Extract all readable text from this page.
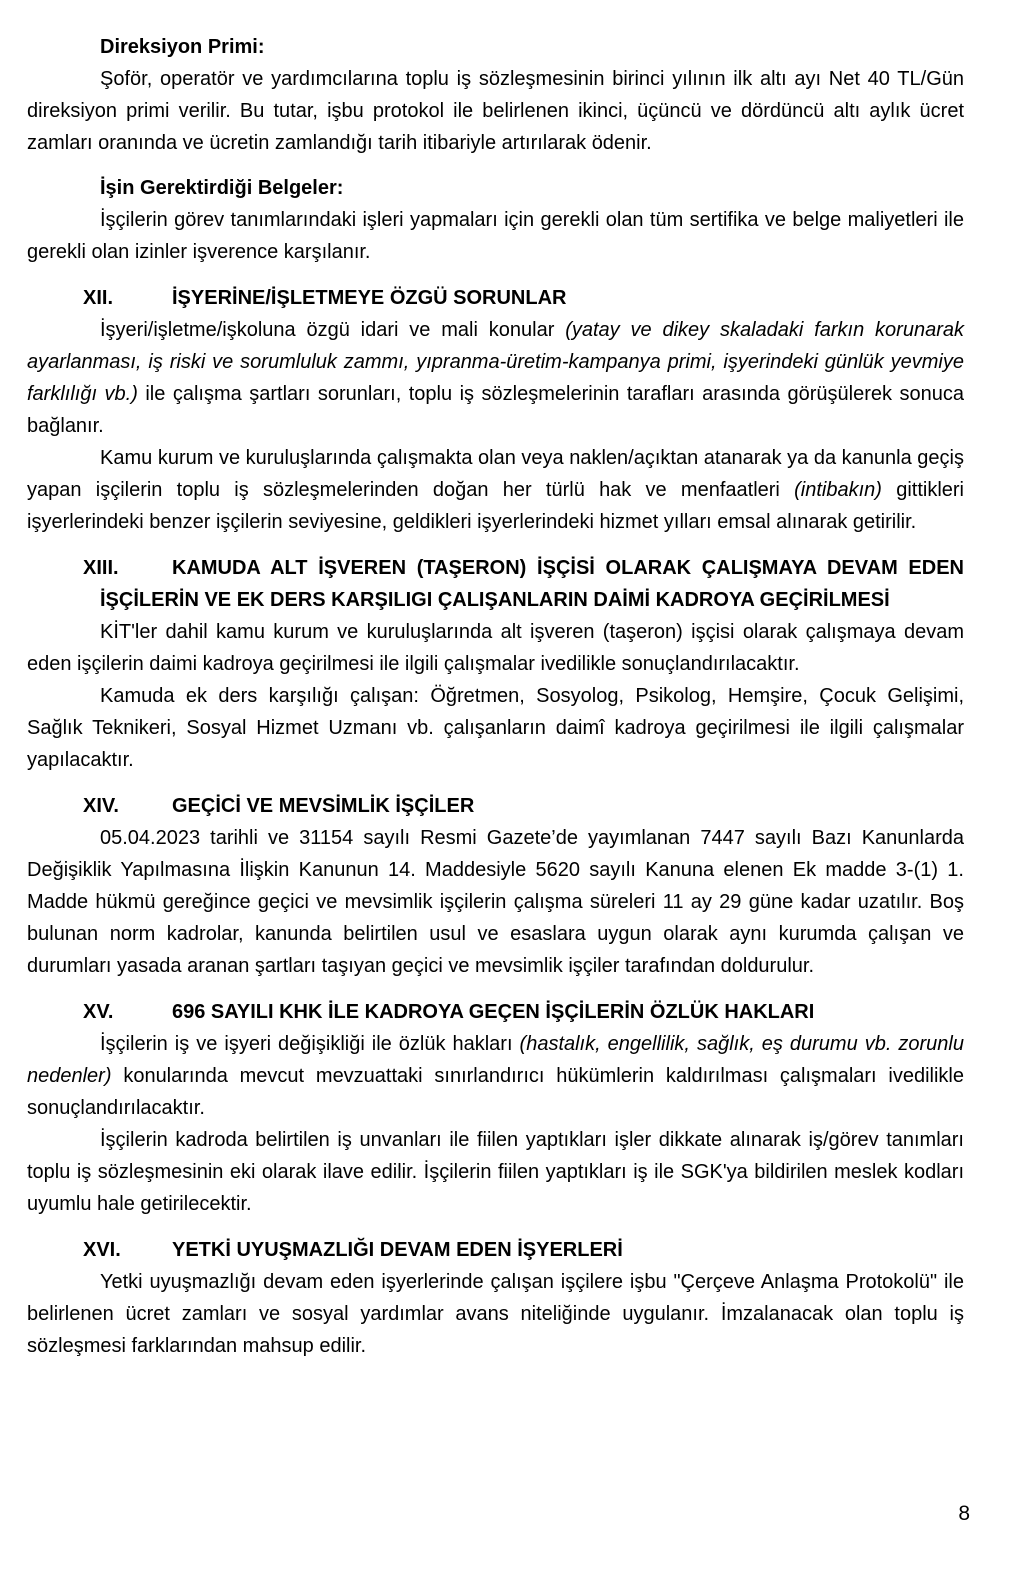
Direksiyon Primi:

Şoför, operatör ve yardımcılarına toplu iş sözleşmesinin birinci yılının ilk altı ayı Net 40 TL/Gün direksiyon primi verilir. Bu tutar, işbu protokol ile belirlenen ikinci, üçüncü ve dördüncü altı aylık ücret zamları oranında ve ücretin zamlandığı tarih itibariyle artırılarak ödenir.

İşin Gerektirdiği Belgeler:

İşçilerin görev tanımlarındaki işleri yapmaları için gerekli olan tüm sertifika ve belge maliyetleri ile gerekli olan izinler işverence karşılanır.

XII.	İŞYERİNE/İŞLETMEYE ÖZGÜ SORUNLAR

İşyeri/işletme/işkoluna özgü idari ve mali konular (yatay ve dikey skaladaki farkın korunarak ayarlanması, iş riski ve sorumluluk zammı, yıpranma-üretim-kampanya primi, işyerindeki günlük yevmiye farklılığı vb.) ile çalışma şartları sorunları, toplu iş sözleşmelerinin tarafları arasında görüşülerek sonuca bağlanır.

Kamu kurum ve kuruluşlarında çalışmakta olan veya naklen/açıktan atanarak ya da kanunla geçiş yapan işçilerin toplu iş sözleşmelerinden doğan her türlü hak ve menfaatleri (intibakın) gittikleri işyerlerindeki benzer işçilerin seviyesine, geldikleri işyerlerindeki hizmet yılları emsal alınarak getirilir.

XIII.	KAMUDA ALT İŞVEREN (TAŞERON) İŞÇİSİ OLARAK ÇALIŞMAYA DEVAM EDEN İŞÇİLERİN VE EK DERS KARŞILIGI ÇALIŞANLARIN DAİMİ KADROYA GEÇİRİLMESİ

KİT'ler dahil kamu kurum ve kuruluşlarında alt işveren (taşeron) işçisi olarak çalışmaya devam eden işçilerin daimi kadroya geçirilmesi ile ilgili çalışmalar ivedilikle sonuçlandırılacaktır.

Kamuda ek ders karşılığı çalışan: Öğretmen, Sosyolog, Psikolog, Hemşire, Çocuk Gelişimi, Sağlık Teknikeri, Sosyal Hizmet Uzmanı vb. çalışanların daimî kadroya geçirilmesi ile ilgili çalışmalar yapılacaktır.

XIV.	GEÇİCİ VE MEVSİMLİK İŞÇİLER

05.04.2023 tarihli ve 31154 sayılı Resmi Gazete’de yayımlanan 7447 sayılı Bazı Kanunlarda Değişiklik Yapılmasına İlişkin Kanunun 14. Maddesiyle 5620 sayılı Kanuna elenen Ek madde 3-(1) 1. Madde hükmü gereğince geçici ve mevsimlik işçilerin çalışma süreleri 11 ay 29 güne kadar uzatılır. Boş bulunan norm kadrolar, kanunda belirtilen usul ve esaslara uygun olarak aynı kurumda çalışan ve durumları yasada aranan şartları taşıyan geçici ve mevsimlik işçiler tarafından doldurulur.

XV.	696 SAYILI KHK İLE KADROYA GEÇEN İŞÇİLERİN ÖZLÜK HAKLARI

İşçilerin iş ve işyeri değişikliği ile özlük hakları (hastalık, engellilik, sağlık, eş durumu vb. zorunlu nedenler) konularında mevcut mevzuattaki sınırlandırıcı hükümlerin kaldırılması çalışmaları ivedilikle sonuçlandırılacaktır.

İşçilerin kadroda belirtilen iş unvanları ile fiilen yaptıkları işler dikkate alınarak iş/görev tanımları toplu iş sözleşmesinin eki olarak ilave edilir. İşçilerin fiilen yaptıkları iş ile SGK'ya bildirilen meslek kodları uyumlu hale getirilecektir.

XVI.	YETKİ UYUŞMAZLIĞI DEVAM EDEN İŞYERLERİ

Yetki uyuşmazlığı devam eden işyerlerinde çalışan işçilere işbu "Çerçeve Anlaşma Protokolü" ile belirlenen ücret zamları ve sosyal yardımlar avans niteliğinde uygulanır. İmzalanacak olan toplu iş sözleşmesi farklarından mahsup edilir.

8
